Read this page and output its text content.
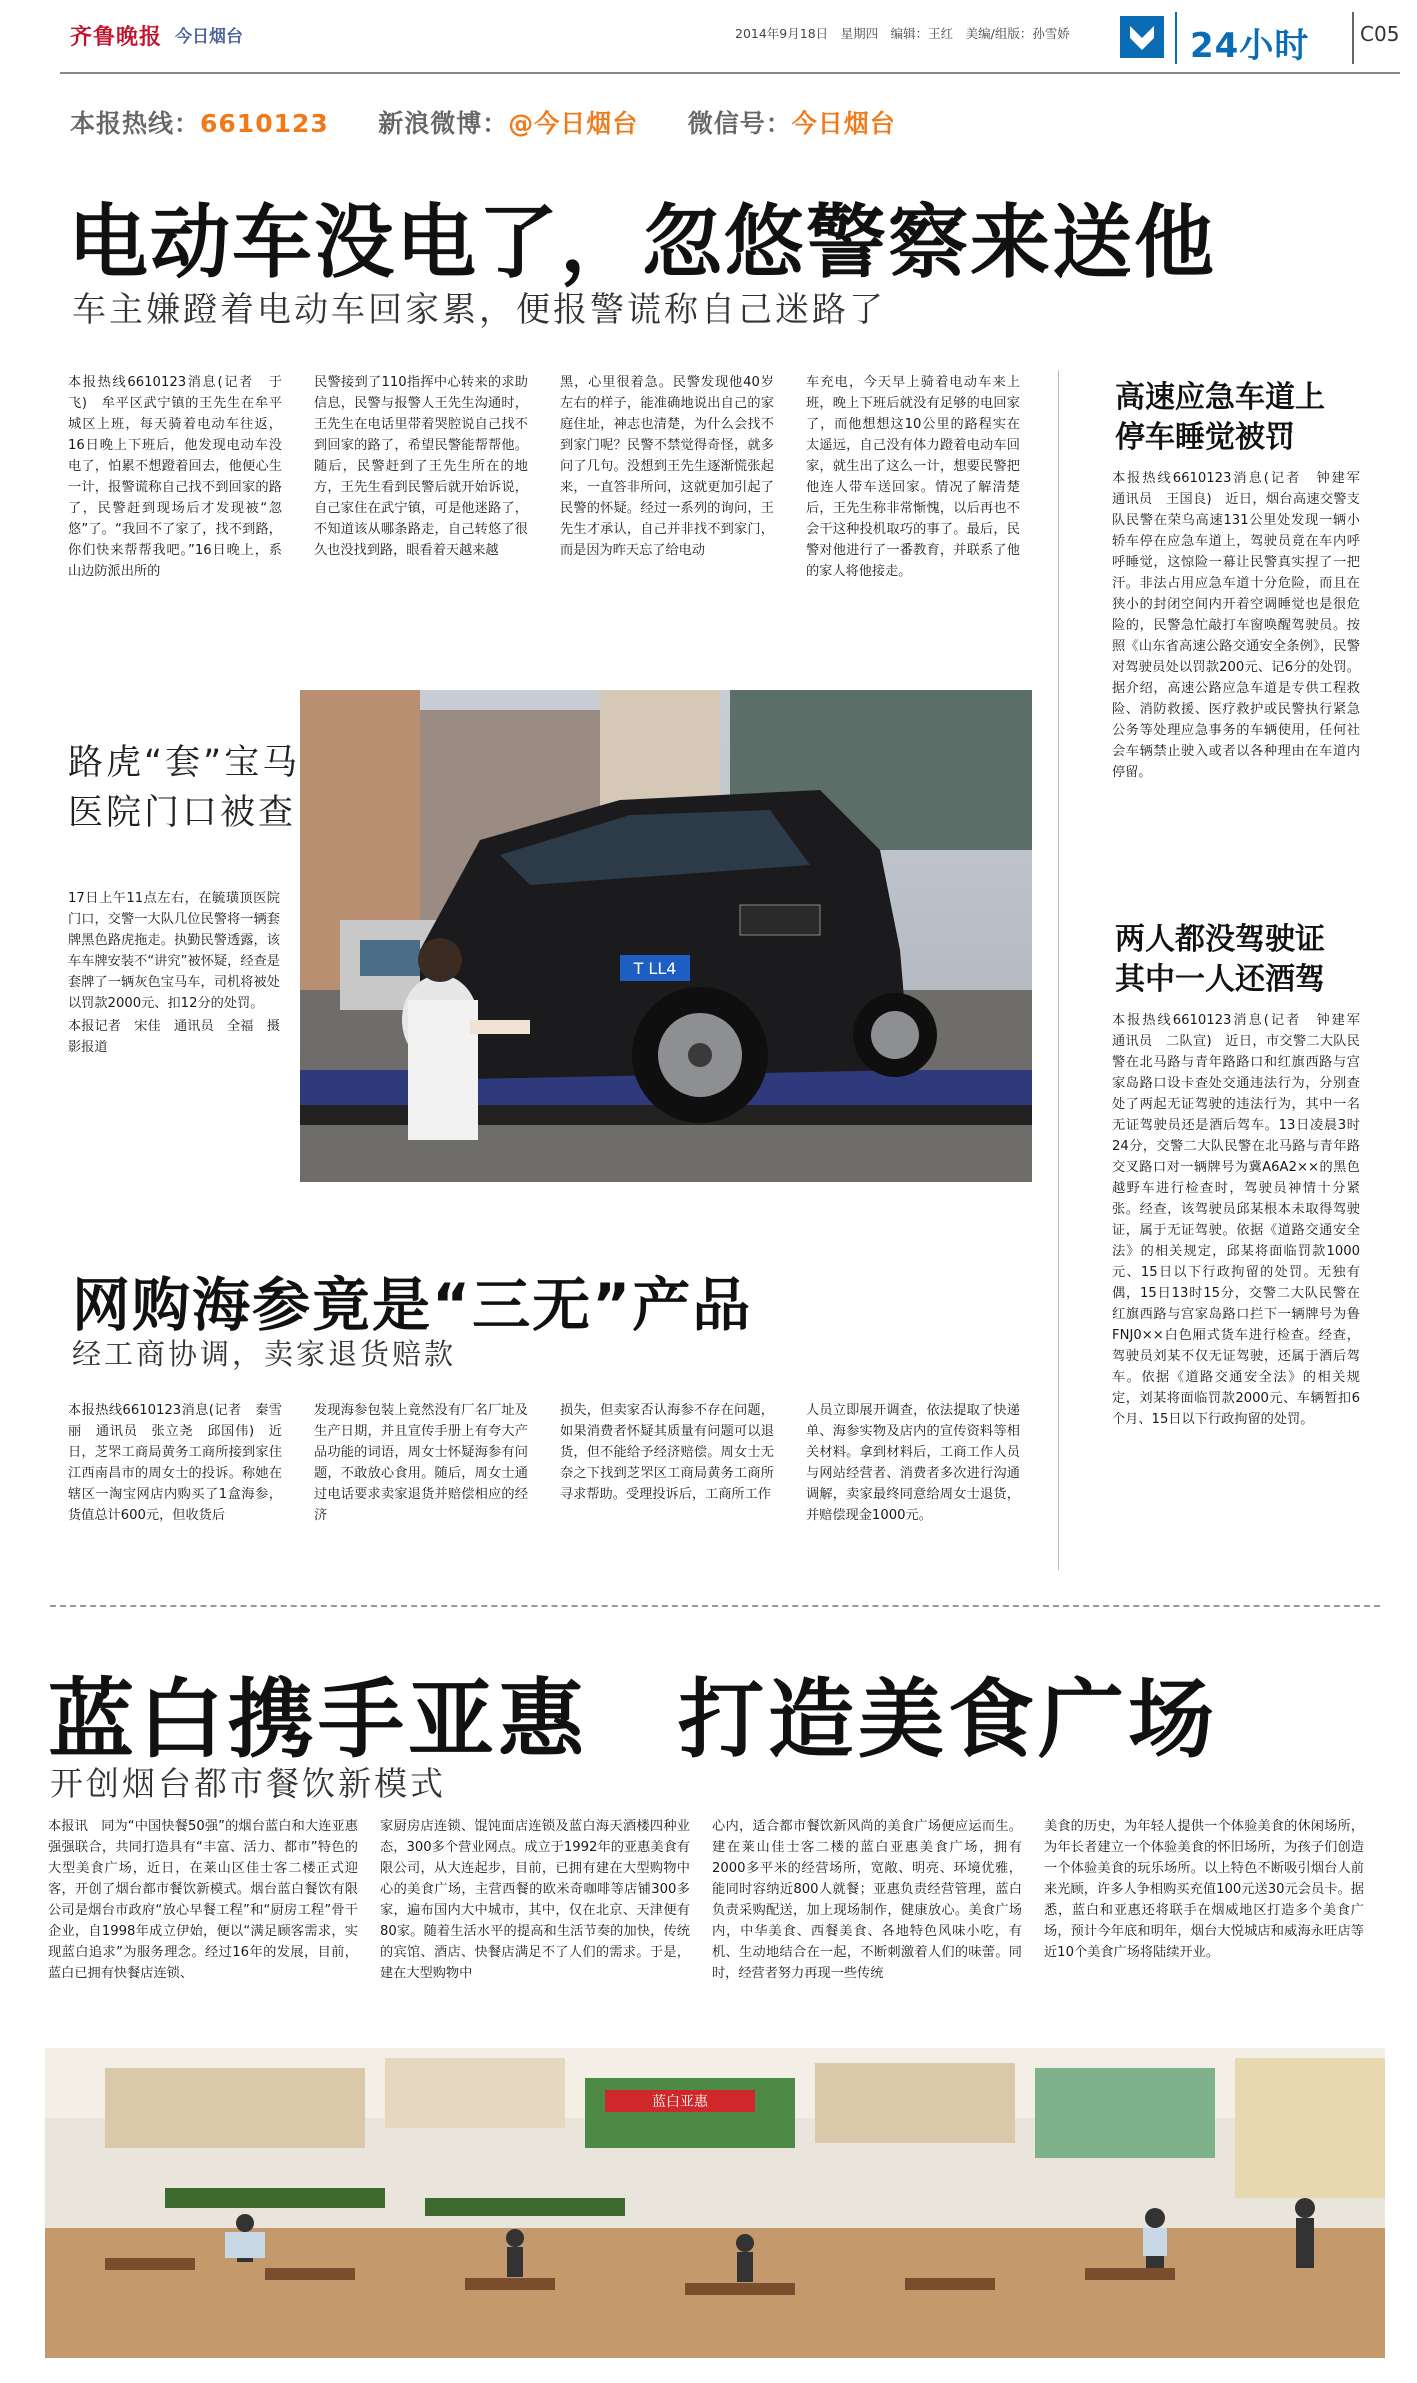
齐鲁晚报 今日烟台	2014年9月18日　星期四　编辑：王红　美编/组版：孙雪娇	24小时	C05
本报热线：6610123 新浪微博：@今日烟台 微信号：今日烟台
电动车没电了，忽悠警察来送他
车主嫌蹬着电动车回家累，便报警谎称自己迷路了

本报热线6610123消息(记者　于飞)　牟平区武宁镇的王先生在牟平城区上班，每天骑着电动车往返，16日晚上下班后，他发现电动车没电了，怕累不想蹬着回去，他便心生一计，报警谎称自己找不到回家的路了，民警赶到现场后才发现被“忽悠”了。“我回不了家了，找不到路，你们快来帮帮我吧。”16日晚上，系山边防派出所的

民警接到了110指挥中心转来的求助信息，民警与报警人王先生沟通时，王先生在电话里带着哭腔说自己找不到回家的路了，希望民警能帮帮他。随后，民警赶到了王先生所在的地方，王先生看到民警后就开始诉说，自己家住在武宁镇，可是他迷路了，不知道该从哪条路走，自己转悠了很久也没找到路，眼看着天越来越

黑，心里很着急。民警发现他40岁左右的样子，能准确地说出自己的家庭住址，神志也清楚，为什么会找不到家门呢？民警不禁觉得奇怪，就多问了几句。没想到王先生逐渐慌张起来，一直答非所问，这就更加引起了民警的怀疑。经过一系列的询问，王先生才承认，自己并非找不到家门，而是因为昨天忘了给电动

车充电，今天早上骑着电动车来上班，晚上下班后就没有足够的电回家了，而他想想这10公里的路程实在太遥远，自己没有体力蹬着电动车回家，就生出了这么一计，想要民警把他连人带车送回家。情况了解清楚后，王先生称非常惭愧，以后再也不会干这种投机取巧的事了。最后，民警对他进行了一番教育，并联系了他的家人将他接走。

T LL4
路虎“套”宝马
医院门口被查

17日上午11点左右，在毓璜顶医院门口，交警一大队几位民警将一辆套牌黑色路虎拖走。执勤民警透露，该车车牌安装不“讲究”被怀疑，经查是套牌了一辆灰色宝马车，司机将被处以罚款2000元、扣12分的处罚。

本报记者　宋佳　通讯员　全福　摄影报道

高速应急车道上
停车睡觉被罚

本报热线6610123消息(记者　钟建军　通讯员　王国良)　近日，烟台高速交警支队民警在荣乌高速131公里处发现一辆小轿车停在应急车道上，驾驶员竟在车内呼呼睡觉，这惊险一幕让民警真实捏了一把汗。非法占用应急车道十分危险，而且在狭小的封闭空间内开着空调睡觉也是很危险的，民警急忙敲打车窗唤醒驾驶员。按照《山东省高速公路交通安全条例》，民警对驾驶员处以罚款200元、记6分的处罚。据介绍，高速公路应急车道是专供工程救险、消防救援、医疗救护或民警执行紧急公务等处理应急事务的车辆使用，任何社会车辆禁止驶入或者以各种理由在车道内停留。

两人都没驾驶证
其中一人还酒驾

本报热线6610123消息(记者　钟建军　通讯员　二队宣)　近日，市交警二大队民警在北马路与青年路路口和红旗西路与宫家岛路口设卡查处交通违法行为，分别查处了两起无证驾驶的违法行为，其中一名无证驾驶员还是酒后驾车。13日凌晨3时24分，交警二大队民警在北马路与青年路交叉路口对一辆牌号为冀A6A2××的黑色越野车进行检查时，驾驶员神情十分紧张。经查，该驾驶员邱某根本未取得驾驶证，属于无证驾驶。依据《道路交通安全法》的相关规定，邱某将面临罚款1000元、15日以下行政拘留的处罚。无独有偶，15日13时15分，交警二大队民警在红旗西路与宫家岛路口拦下一辆牌号为鲁FNJ0××白色厢式货车进行检查。经查，驾驶员刘某不仅无证驾驶，还属于酒后驾车。依据《道路交通安全法》的相关规定，刘某将面临罚款2000元、车辆暂扣6个月、15日以下行政拘留的处罚。

网购海参竟是“三无”产品
经工商协调，卖家退货赔款

本报热线6610123消息(记者　秦雪丽　通讯员　张立尧　邱国伟)　近日，芝罘工商局黄务工商所接到家住江西南昌市的周女士的投诉。称她在辖区一淘宝网店内购买了1盒海参，货值总计600元，但收货后

发现海参包装上竟然没有厂名厂址及生产日期，并且宣传手册上有夸大产品功能的词语，周女士怀疑海参有问题，不敢放心食用。随后，周女士通过电话要求卖家退货并赔偿相应的经济

损失，但卖家否认海参不存在问题，如果消费者怀疑其质量有问题可以退货，但不能给予经济赔偿。周女士无奈之下找到芝罘区工商局黄务工商所寻求帮助。受理投诉后，工商所工作

人员立即展开调查，依法提取了快递单、海参实物及店内的宣传资料等相关材料。拿到材料后，工商工作人员与网站经营者、消费者多次进行沟通调解，卖家最终同意给周女士退货，并赔偿现金1000元。

蓝白携手亚惠　打造美食广场
开创烟台都市餐饮新模式

本报讯　同为“中国快餐50强”的烟台蓝白和大连亚惠强强联合，共同打造具有“丰富、活力、都市”特色的大型美食广场，近日，在莱山区佳士客二楼正式迎客，开创了烟台都市餐饮新模式。烟台蓝白餐饮有限公司是烟台市政府“放心早餐工程”和“厨房工程”骨干企业，自1998年成立伊始，便以“满足顾客需求，实现蓝白追求”为服务理念。经过16年的发展，目前，蓝白已拥有快餐店连锁、

家厨房店连锁、馄饨面店连锁及蓝白海天酒楼四种业态，300多个营业网点。成立于1992年的亚惠美食有限公司，从大连起步，目前，已拥有建在大型购物中心的美食广场，主营西餐的欧米奇咖啡等店铺300多家，遍布国内大中城市，其中，仅在北京、天津便有80家。随着生活水平的提高和生活节奏的加快，传统的宾馆、酒店、快餐店满足不了人们的需求。于是，建在大型购物中

心内，适合都市餐饮新风尚的美食广场便应运而生。建在莱山佳士客二楼的蓝白亚惠美食广场，拥有2000多平米的经营场所，宽敞、明亮、环境优雅，能同时容纳近800人就餐；亚惠负责经营管理，蓝白负责采购配送，加上现场制作，健康放心。美食广场内，中华美食、西餐美食、各地特色风味小吃，有机、生动地结合在一起，不断刺激着人们的味蕾。同时，经营者努力再现一些传统

美食的历史，为年轻人提供一个体验美食的休闲场所，为年长者建立一个体验美食的怀旧场所，为孩子们创造一个体验美食的玩乐场所。以上特色不断吸引烟台人前来光顾，许多人争相购买充值100元送30元会员卡。据悉，蓝白和亚惠还将联手在烟威地区打造多个美食广场，预计今年底和明年，烟台大悦城店和威海永旺店等近10个美食广场将陆续开业。

蓝白亚惠
